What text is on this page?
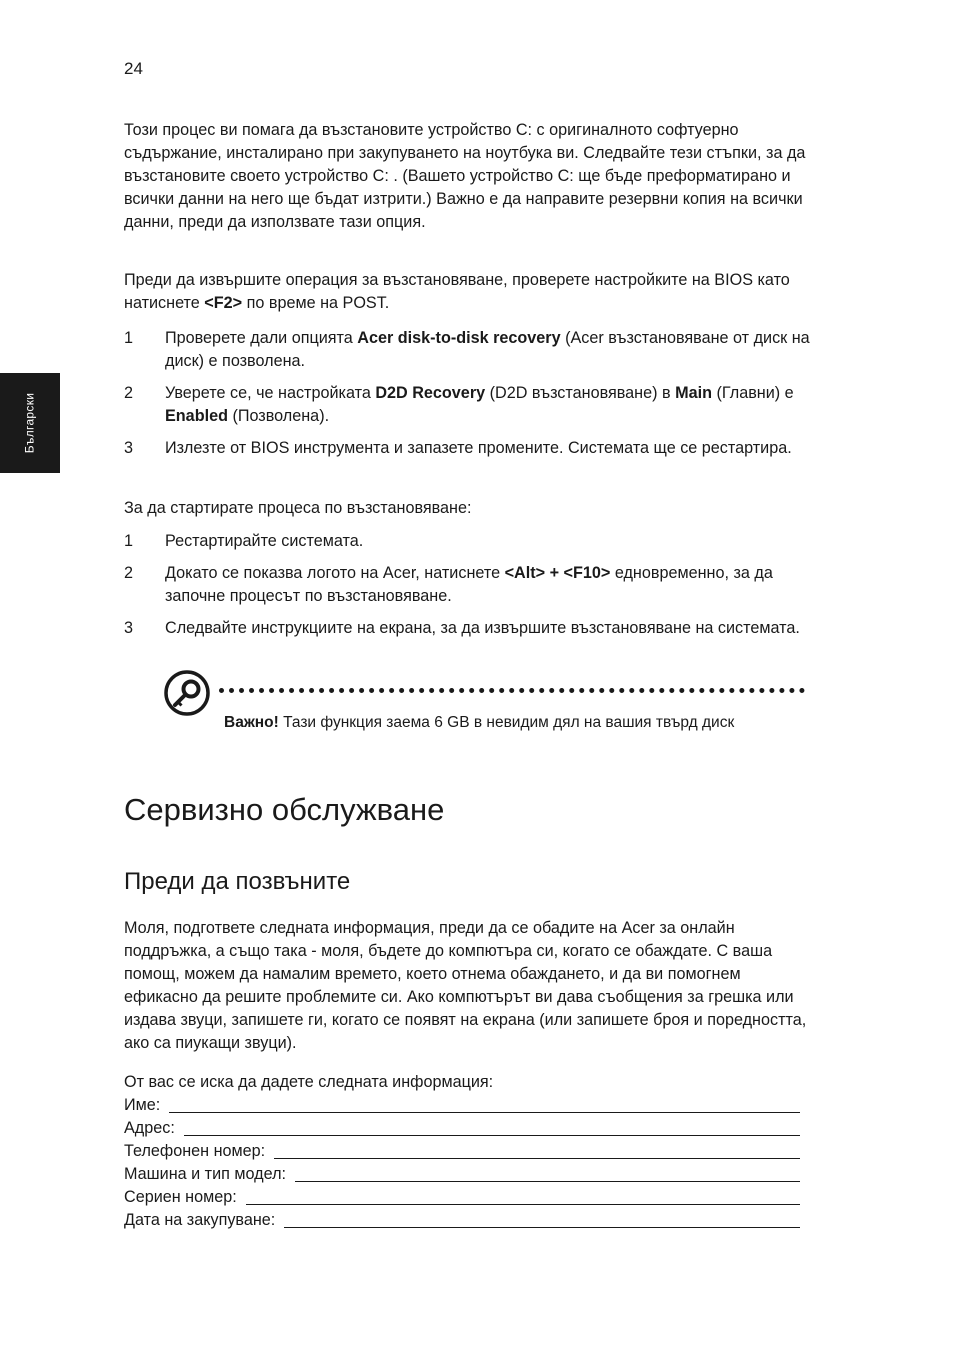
24
Български

Този процес ви помага да възстановите устройство C: с оригиналното софтуерно съдържание, инсталирано при закупуването на ноутбука ви. Следвайте тези стъпки, за да възстановите своето устройство C: . (Вашето устройство C: ще бъде преформатирано и всички данни на него ще бъдат изтрити.) Важно е да направите резервни копия на всички данни, преди да използвате тази опция.

Преди да извършите операция за възстановяване, проверете настройките на BIOS като натиснете <F2> по време на POST.

1 Проверете дали опцията Acer disk-to-disk recovery (Acer възстановяване от диск на диск) е позволена.
2 Уверете се, че настройката D2D Recovery (D2D възстановяване) в Main (Главни) е Enabled (Позволена).
3 Излезте от BIOS инструмента и запазете промените. Системата ще се рестартира.

За да стартирате процеса по възстановяване:

1 Рестартирайте системата.
2 Докато се показва логото на Acer, натиснете <Alt> + <F10> едновременно, за да започне процесът по възстановяване.
3 Следвайте инструкциите на екрана, за да извършите възстановяване на системата.
Важно! Тази функция заема 6 GB в невидим дял на вашия твърд диск
Сервизно обслужване
Преди да позвъните

Моля, подгответе следната информация, преди да се обадите на Acer за онлайн поддръжка, а също така - моля, бъдете до компютъра си, когато се обаждате. С ваша помощ, можем да намалим времето, което отнема обаждането, и да ви помогнем ефикасно да решите проблемите си. Ако компютърът ви дава съобщения за грешка или издава звуци, запишете ги, когато се появят на екрана (или запишете броя и поредността, ако са пиукащи звуци).

От вас се иска да дадете следната информация:

Име:
Адрес:
Телефонен номер:
Машина и тип модел:
Сериен номер:
Дата на закупуване:
